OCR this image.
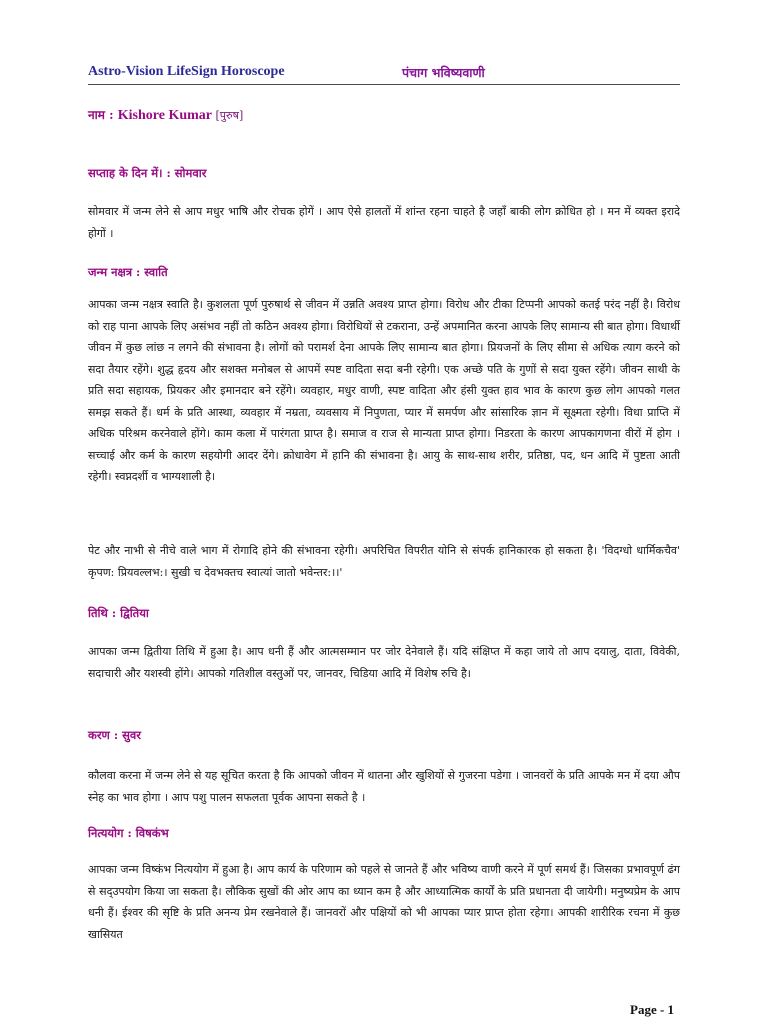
Astro-Vision LifeSign Horoscope	पंचाग भविष्यवाणी
नाम : Kishore Kumar [पुरुष]
सप्ताह के दिन में। : सोमवार
सोमवार में जन्म लेने से आप मधुर भाषि और रोचक होगें । आप ऐसे हालतों में शांन्त रहना चाहते है जहाँ बाकी लोग क्रोधित हो । मन में व्यक्त इरादे होगों ।
जन्म नक्षत्र : स्वाति
आपका जन्म नक्षत्र स्वाति है। कुशलता पूर्ण पुरुषार्थ से जीवन में उन्नति अवश्य प्राप्त होगा। विरोध और टीका टिप्पनी आपको कतई परंद नहीं है। विरोध को राह पाना आपके लिए असंभव नहीं तो कठिन अवश्य होगा। विरोधियों से टकराना, उन्हें अपमानित करना आपके लिए सामान्य सी बात होगा। विधार्थी जीवन में कुछ लांछ न लगने की संभावना है। लोगों को परामर्श देना आपके लिए सामान्य बात होगा। प्रियजनों के लिए सीमा से अधिक त्याग करने को सदा तैयार रहेंगे। शुद्ध हृदय और सशक्त मनोबल से आपमें स्पष्ट वादिता सदा बनी रहेगी। एक अच्छे पति के गुणों से सदा युक्त रहेंगे। जीवन साथी के प्रति सदा सहायक, प्रियकर और इमानदार बने रहेंगे। व्यवहार, मधुर वाणी, स्पष्ट वादिता और हंसी युक्त हाव भाव के कारण कुछ लोग आपको गलत समझ सकते हैं। धर्म के प्रति आस्था, व्यवहार में नम्रता, व्यवसाय में निपुणता, प्यार में समर्पण और सांसारिक ज्ञान में सूक्ष्मता रहेगी। विधा प्राप्ति में अधिक परिश्रम करनेवाले होंगे। काम कला में पारंगता प्राप्त है। समाज व राज से मान्यता प्राप्त होगा। निडरता के कारण आपकागणना वीरों में होग । सच्चाई और कर्म के कारण सहयोगी आदर देंगे। क्रोधावेग में हानि की संभावना है। आयु के साथ-साथ शरीर, प्रतिष्ठा, पद, धन आदि में पुष्टता आती रहेगी। स्वप्नदर्शी व भाग्यशाली है।
पेट और नाभी से नीचे वाले भाग में रोगादि होने की संभावना रहेगी। अपरिचित विपरीत योनि से संपर्क हानिकारक हो सकता है। 'विदग्धो धार्मिकचैव' कृपण: प्रियवल्लभ:। सुखी च देवभक्तच स्वात्यां जातो भवेन्तर:।।'
तिथि : द्वितिया
आपका जन्म द्वितीया तिथि में हुआ है। आप धनी हैं और आत्मसम्मान पर जोर देनेवाले हैं। यदि संक्षिप्त में कहा जाये तो आप दयालु, दाता, विवेकी, सदाचारी और यशस्वी होंगे। आपको गतिशील वस्तुओं पर, जानवर, चिडिया आदि में विशेष रुचि है।
करण : सुवर
कौलवा करना में जन्म लेने से यह सूचित करता है कि आपको जीवन में थातना और खुशियों से गुजरना पडेगा । जानवरों के प्रति आपके मन में दया औप स्नेह का भाव होगा । आप पशु पालन सफलता पूर्वक आपना सकते है ।
नित्ययोग : विषकंभ
आपका जन्म विष्कंभ नित्ययोग में हुआ है। आप कार्य के परिणाम को पहले से जानते हैं और भविष्य वाणी करने में पूर्ण समर्थ हैं। जिसका प्रभावपूर्ण ढंग से सद्‌उपयोग किया जा सकता है। लौकिक सुखों की ओर आप का ध्यान कम है और आध्यात्मिक कार्यों के प्रति प्रधानता दी जायेगी। मनुष्यप्रेम के आप धनी हैं। ईश्वर की सृष्टि के प्रति अनन्य प्रेम रखनेवाले हैं। जानवरों और पक्षियों को भी आपका प्यार प्राप्त होता रहेगा। आपकी शारीरिक रचना में कुछ खासियत
Page - 1
